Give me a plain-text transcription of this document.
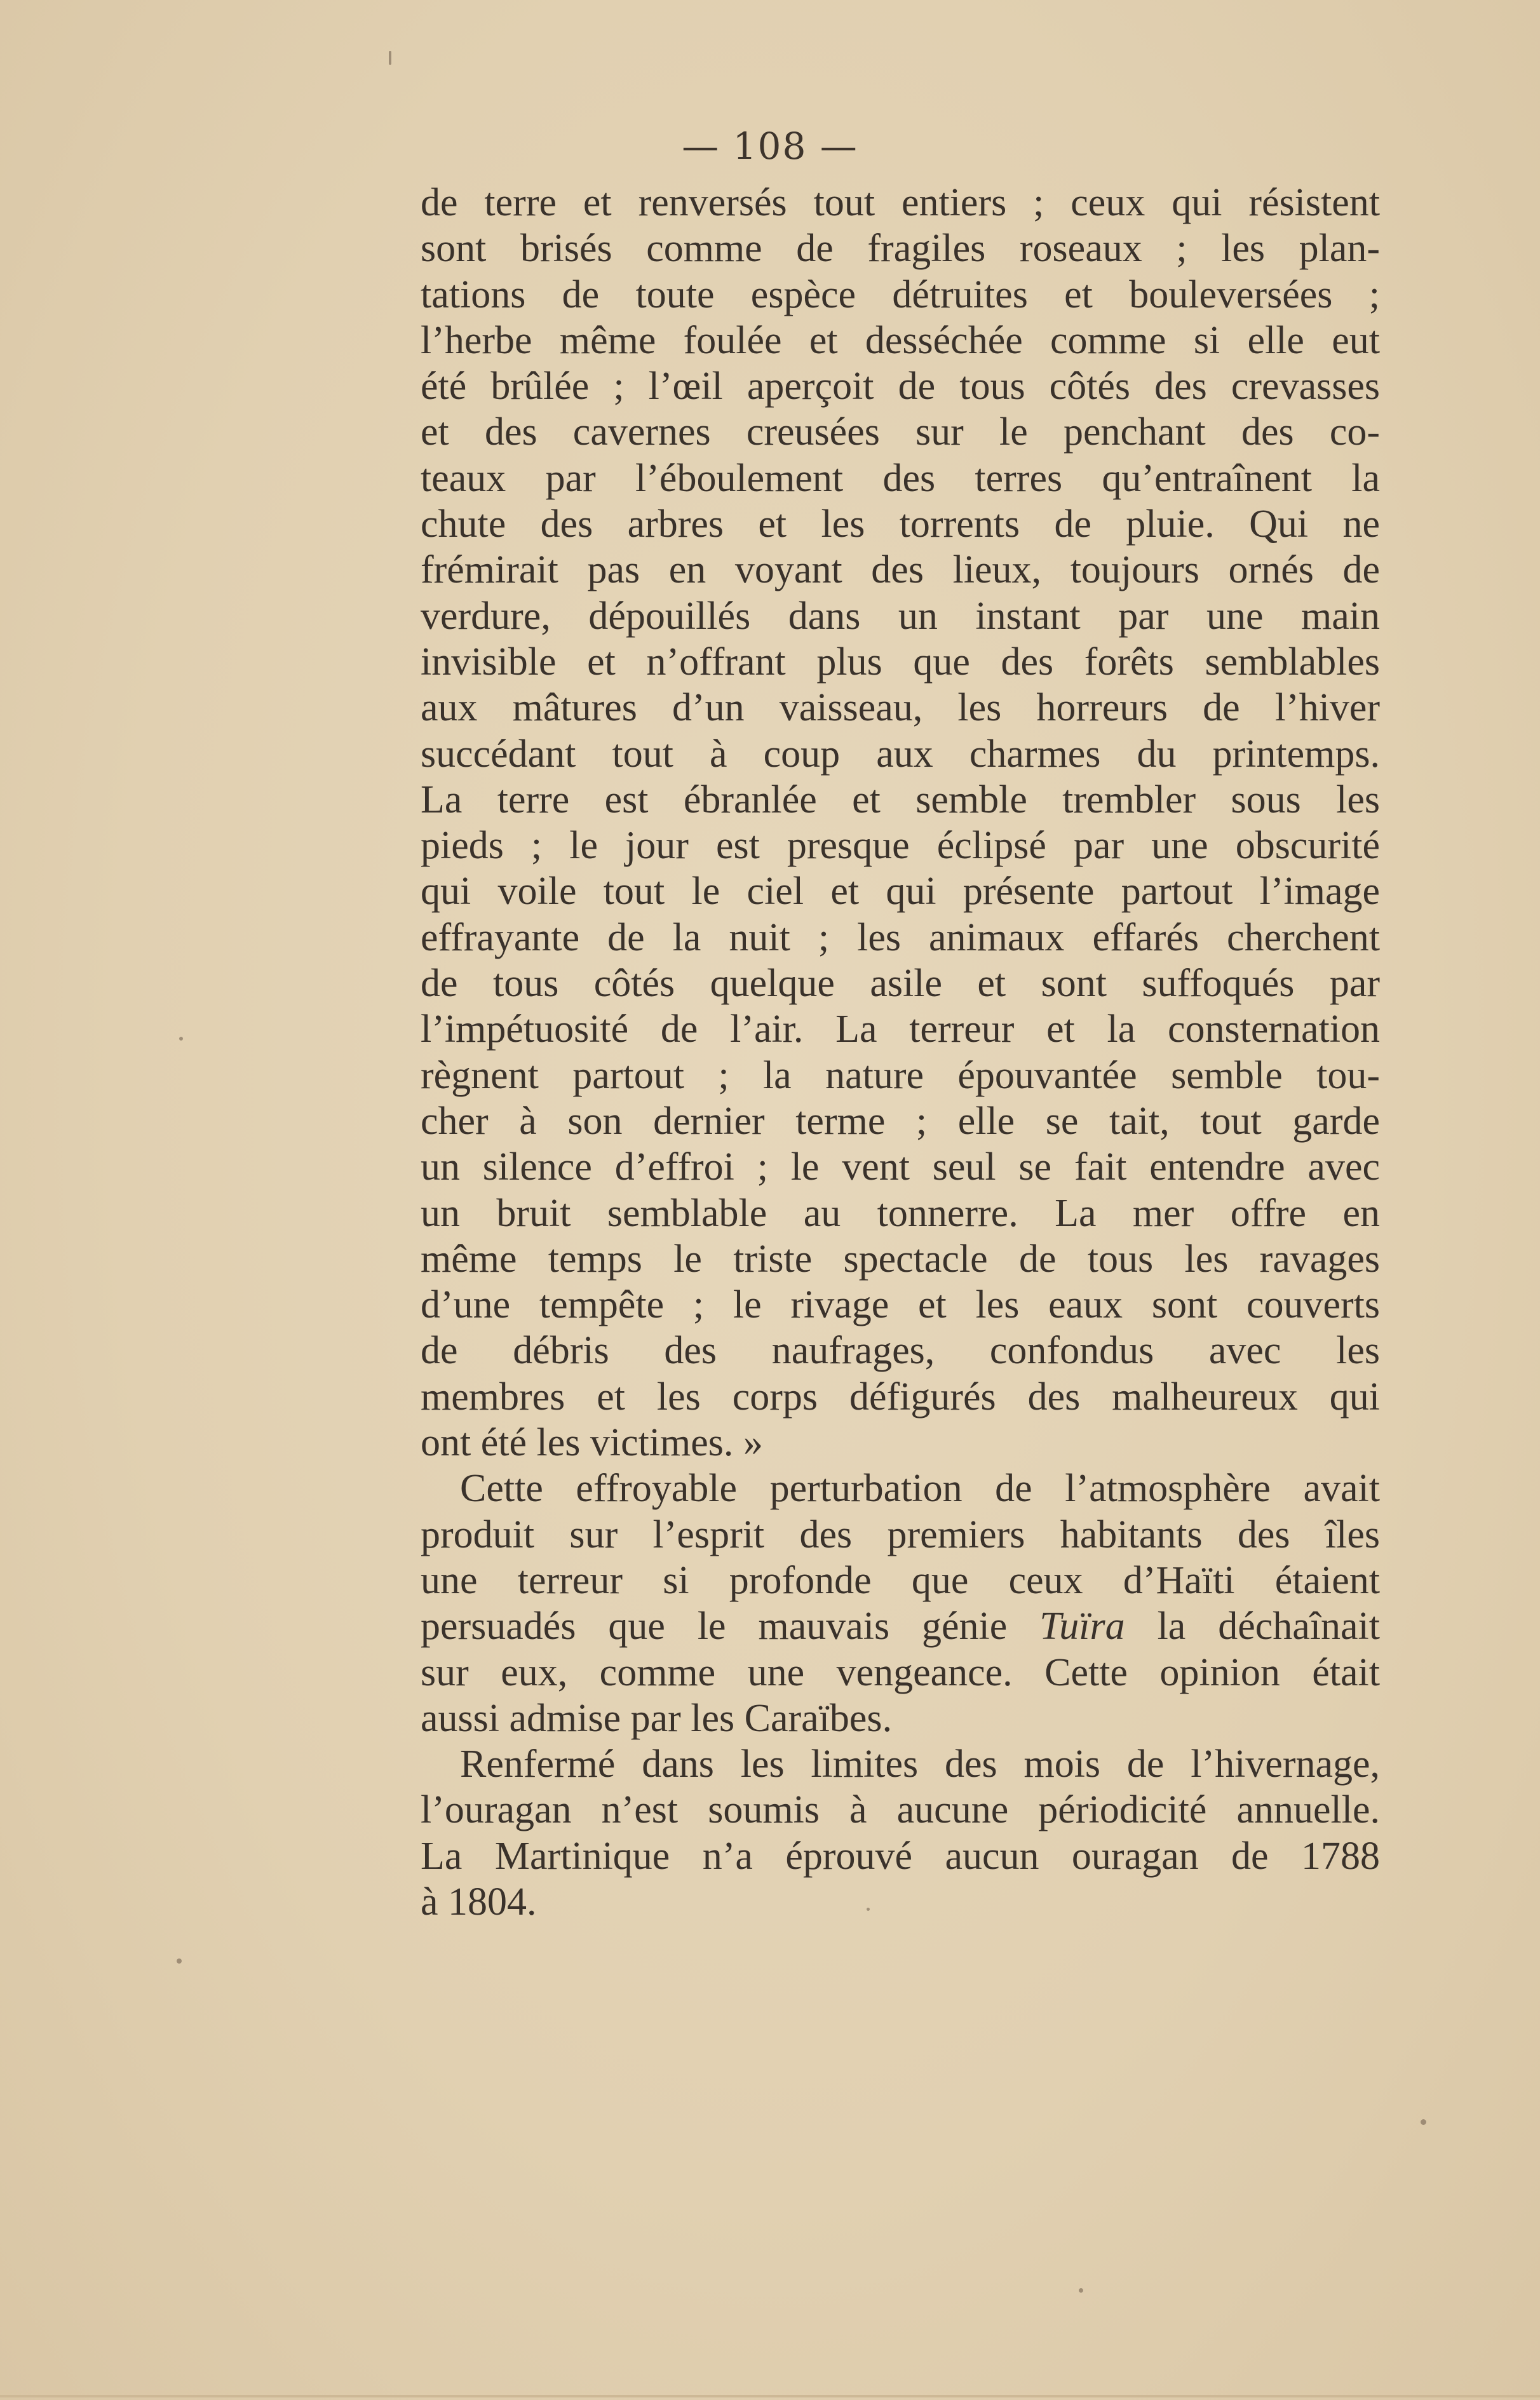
— 108 —

de terre et renversés tout entiers ; ceux qui résistent
sont brisés comme de fragiles roseaux ; les plan-
tations de toute espèce détruites et bouleversées ;
l’herbe même foulée et desséchée comme si elle eut
été brûlée ; l’œil aperçoit de tous côtés des crevasses
et des cavernes creusées sur le penchant des co-
teaux par l’éboulement des terres qu’entraînent la
chute des arbres et les torrents de pluie. Qui ne
frémirait pas en voyant des lieux, toujours ornés de
verdure, dépouillés dans un instant par une main
invisible et n’offrant plus que des forêts semblables
aux mâtures d’un vaisseau, les horreurs de l’hiver
succédant tout à coup aux charmes du printemps.
La terre est ébranlée et semble trembler sous les
pieds ; le jour est presque éclipsé par une obscurité
qui voile tout le ciel et qui présente partout l’image
effrayante de la nuit ; les animaux effarés cherchent
de tous côtés quelque asile et sont suffoqués par
l’impétuosité de l’air. La terreur et la consternation
règnent partout ; la nature épouvantée semble tou-
cher à son dernier terme ; elle se tait, tout garde
un silence d’effroi ; le vent seul se fait entendre avec
un bruit semblable au tonnerre. La mer offre en
même temps le triste spectacle de tous les ravages
d’une tempête ; le rivage et les eaux sont couverts
de débris des naufrages, confondus avec les
membres et les corps défigurés des malheureux qui
ont été les victimes. »

Cette effroyable perturbation de l’atmosphère avait
produit sur l’esprit des premiers habitants des îles
une terreur si profonde que ceux d’Haïti étaient
persuadés que le mauvais génie Tuïra la déchaînait
sur eux, comme une vengeance. Cette opinion était
aussi admise par les Caraïbes.

Renfermé dans les limites des mois de l’hivernage,
l’ouragan n’est soumis à aucune périodicité annuelle.
La Martinique n’a éprouvé aucun ouragan de 1788
à 1804.
